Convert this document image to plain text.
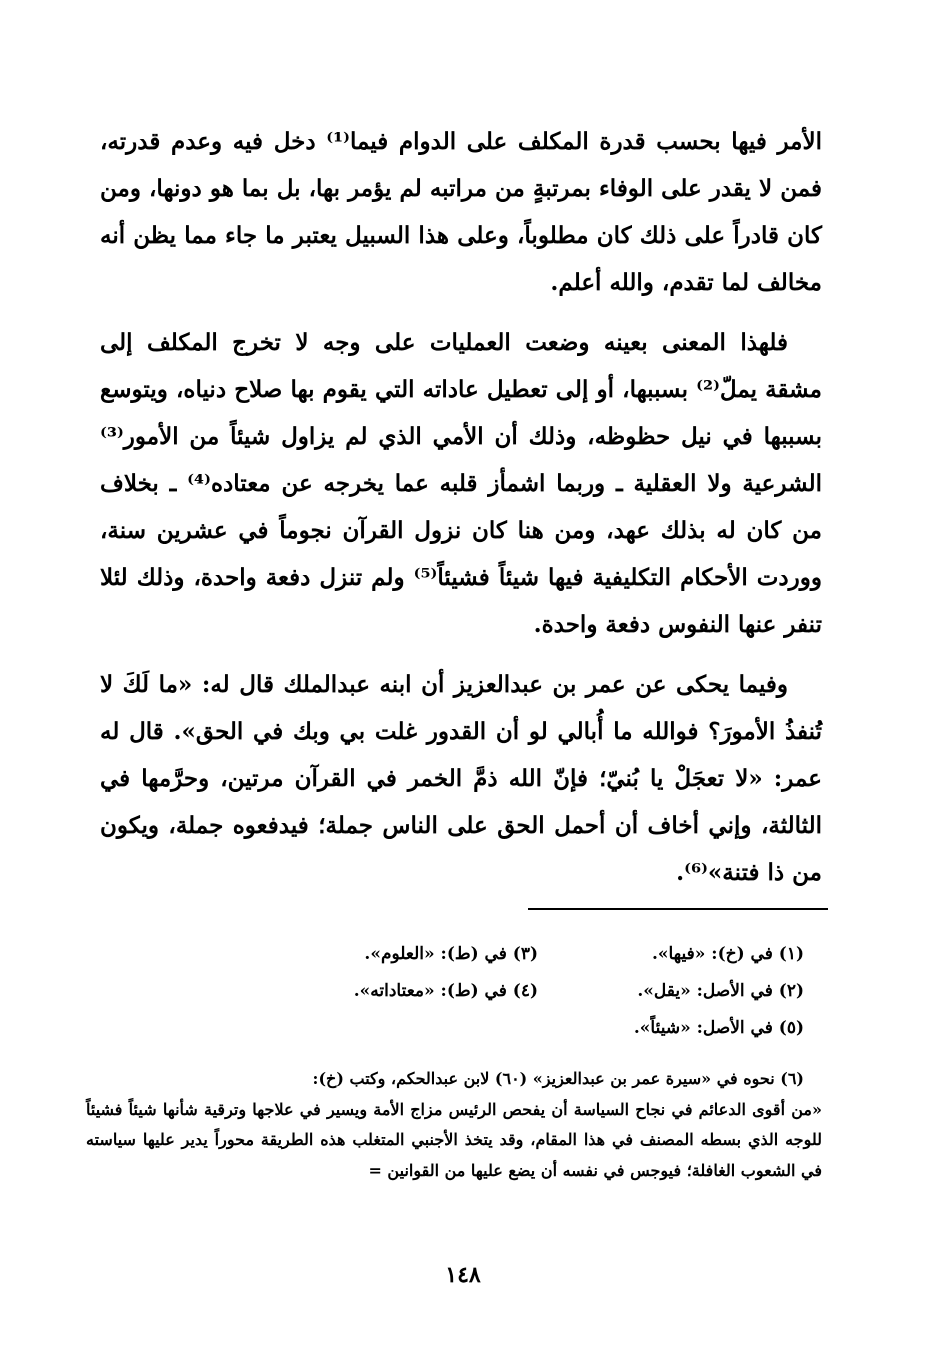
الأمر فيها بحسب قدرة المكلف على الدوام فيما⁽¹⁾ دخل فيه وعدم قدرته، فمن لا يقدر على الوفاء بمرتبةٍ من مراتبه لم يؤمر بها، بل بما هو دونها، ومن كان قادراً على ذلك كان مطلوباً، وعلى هذا السبيل يعتبر ما جاء مما يظن أنه مخالف لما تقدم، والله أعلم.

فلهذا المعنى بعينه وضعت العمليات على وجه لا تخرج المكلف إلى مشقة يملّ⁽²⁾ بسببها، أو إلى تعطيل عاداته التي يقوم بها صلاح دنياه، ويتوسع بسببها في نيل حظوظه، وذلك أن الأمي الذي لم يزاول شيئاً من الأمور⁽³⁾ الشرعية ولا العقلية ـ وربما اشمأز قلبه عما يخرجه عن معتاده⁽⁴⁾ ـ بخلاف من كان له بذلك عهد، ومن هنا كان نزول القرآن نجوماً في عشرين سنة، ووردت الأحكام التكليفية فيها شيئاً فشيئاً⁽⁵⁾ ولم تنزل دفعة واحدة، وذلك لئلا تنفر عنها النفوس دفعة واحدة.

وفيما يحكى عن عمر بن عبدالعزيز أن ابنه عبدالملك قال له: «ما لَكَ لا تُنفذُ الأمورَ؟ فوالله ما أُبالي لو أن القدور غلت بي وبك في الحق». قال له عمر: «لا تعجَلْ يا بُنيّ؛ فإنّ الله ذمَّ الخمر في القرآن مرتين، وحرَّمها في الثالثة، وإني أخاف أن أحمل الحق على الناس جملة؛ فيدفعوه جملة، ويكون من ذا فتنة»⁽⁶⁾.

(١) في (خ): «فيها».
(٣) في (ط): «العلوم».
(٢) في الأصل: «يقل».
(٤) في (ط): «معتاداته».
(٥) في الأصل: «شيئاً».
(٦) نحوه في «سيرة عمر بن عبدالعزيز» (٦٠) لابن عبدالحكم، وكتب (خ):
«من أقوى الدعائم في نجاح السياسة أن يفحص الرئيس مزاج الأمة ويسير في علاجها وترقية شأنها شيئاً فشيئاً للوجه الذي بسطه المصنف في هذا المقام، وقد يتخذ الأجنبي المتغلب هذه الطريقة محوراً يدير عليها سياسته في الشعوب الغافلة؛ فيوجس في نفسه أن يضع عليها من القوانين =
١٤٨
